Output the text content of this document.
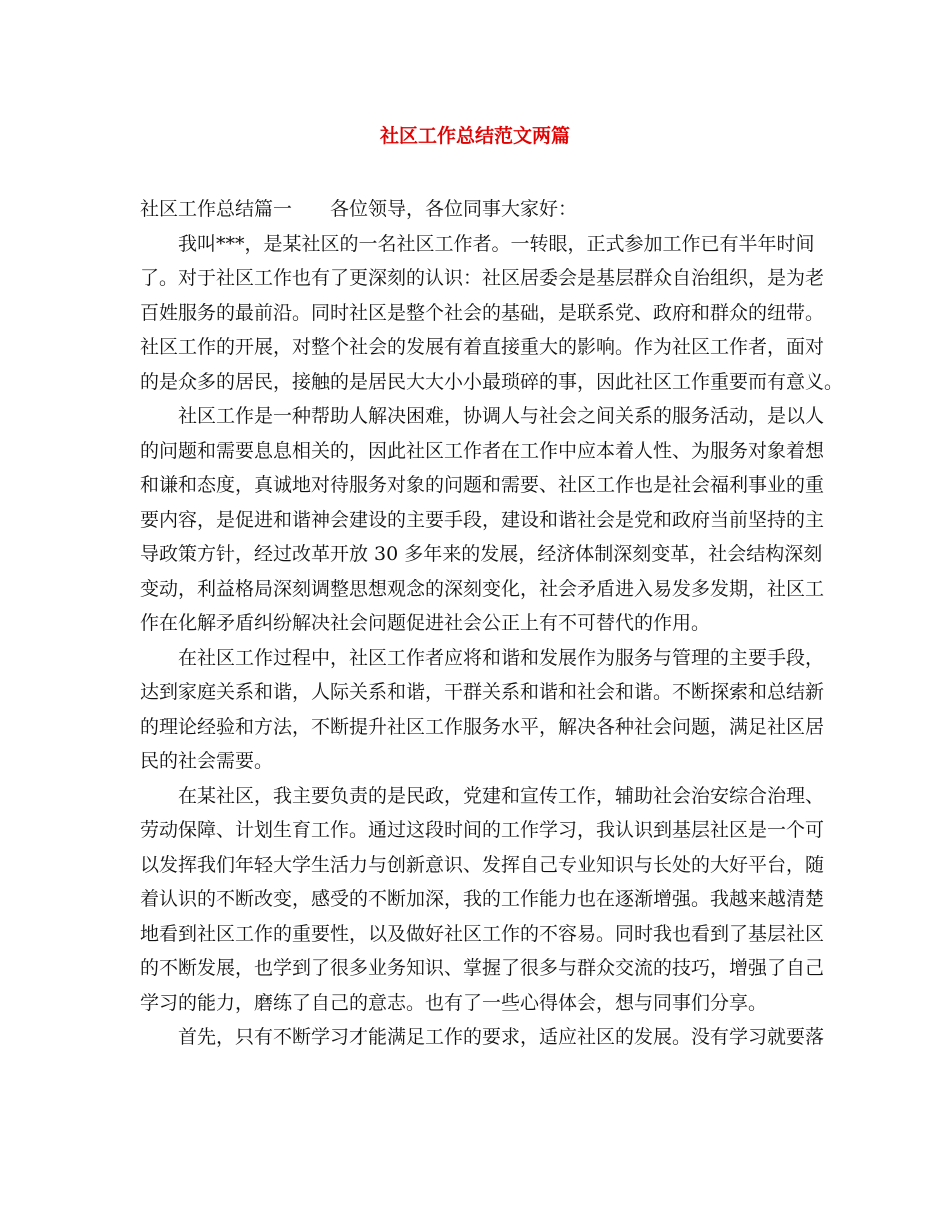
社区工作总结范文两篇
社区工作总结篇一 各位领导，各位同事大家好：
我叫***，是某社区的一名社区工作者。一转眼，正式参加工作已有半年时间
了。对于社区工作也有了更深刻的认识：社区居委会是基层群众自治组织，是为老
百姓服务的最前沿。同时社区是整个社会的基础，是联系党、政府和群众的纽带。
社区工作的开展，对整个社会的发展有着直接重大的影响。作为社区工作者，面对
的是众多的居民，接触的是居民大大小小最琐碎的事，因此社区工作重要而有意义。
社区工作是一种帮助人解决困难，协调人与社会之间关系的服务活动，是以人
的问题和需要息息相关的，因此社区工作者在工作中应本着人性、为服务对象着想
和谦和态度，真诚地对待服务对象的问题和需要、社区工作也是社会福利事业的重
要内容，是促进和谐神会建设的主要手段，建设和谐社会是党和政府当前坚持的主
导政策方针，经过改革开放 30 多年来的发展，经济体制深刻变革，社会结构深刻
变动，利益格局深刻调整思想观念的深刻变化，社会矛盾进入易发多发期，社区工
作在化解矛盾纠纷解决社会问题促进社会公正上有不可替代的作用。
在社区工作过程中，社区工作者应将和谐和发展作为服务与管理的主要手段，
达到家庭关系和谐，人际关系和谐，干群关系和谐和社会和谐。不断探索和总结新
的理论经验和方法，不断提升社区工作服务水平，解决各种社会问题，满足社区居
民的社会需要。
在某社区，我主要负责的是民政，党建和宣传工作，辅助社会治安综合治理、
劳动保障、计划生育工作。通过这段时间的工作学习，我认识到基层社区是一个可
以发挥我们年轻大学生活力与创新意识、发挥自己专业知识与长处的大好平台，随
着认识的不断改变，感受的不断加深，我的工作能力也在逐渐增强。我越来越清楚
地看到社区工作的重要性，以及做好社区工作的不容易。同时我也看到了基层社区
的不断发展，也学到了很多业务知识、掌握了很多与群众交流的技巧，增强了自己
学习的能力，磨练了自己的意志。也有了一些心得体会，想与同事们分享。
首先，只有不断学习才能满足工作的要求，适应社区的发展。没有学习就要落
